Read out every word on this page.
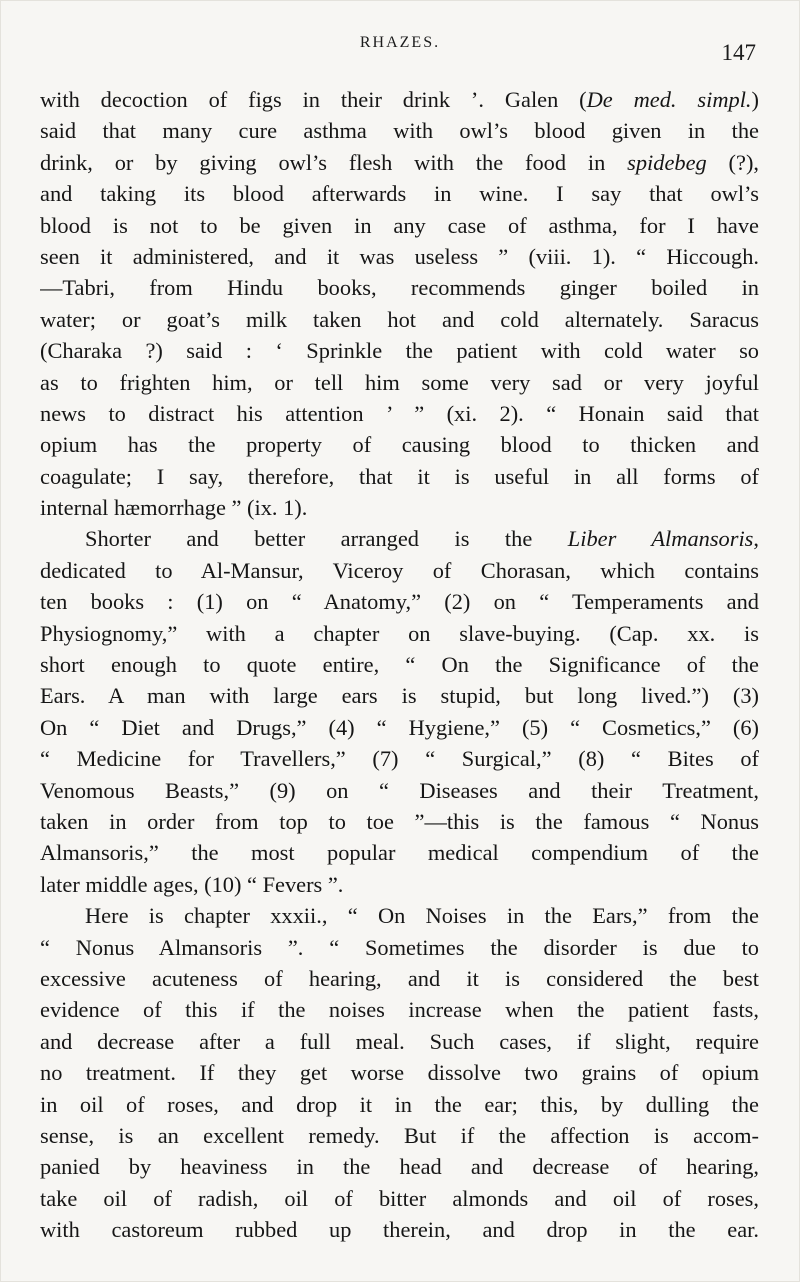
RHAZES.	147
with decoction of figs in their drink ’. Galen (De med. simpl.)
said that many cure asthma with owl’s blood given in the
drink, or by giving owl’s flesh with the food in spidebeg (?),
and taking its blood afterwards in wine. I say that owl’s
blood is not to be given in any case of asthma, for I have
seen it administered, and it was useless ” (viii. 1). “ Hiccough.
—Tabri, from Hindu books, recommends ginger boiled in
water; or goat’s milk taken hot and cold alternately. Saracus
(Charaka ?) said : ‘ Sprinkle the patient with cold water so
as to frighten him, or tell him some very sad or very joyful
news to distract his attention ’ ” (xi. 2). “ Honain said that
opium has the property of causing blood to thicken and
coagulate; I say, therefore, that it is useful in all forms of
internal hæmorrhage ” (ix. 1).
Shorter and better arranged is the Liber Almansoris,
dedicated to Al-Mansur, Viceroy of Chorasan, which contains
ten books : (1) on “ Anatomy,” (2) on “ Temperaments and
Physiognomy,” with a chapter on slave-buying. (Cap. xx. is
short enough to quote entire, “ On the Significance of the
Ears. A man with large ears is stupid, but long lived.”) (3)
On “ Diet and Drugs,” (4) “ Hygiene,” (5) “ Cosmetics,” (6)
“ Medicine for Travellers,” (7) “ Surgical,” (8) “ Bites of
Venomous Beasts,” (9) on “ Diseases and their Treatment,
taken in order from top to toe ”—this is the famous “ Nonus
Almansoris,” the most popular medical compendium of the
later middle ages, (10) “ Fevers ”.
Here is chapter xxxii., “ On Noises in the Ears,” from the
“ Nonus Almansoris ”. “ Sometimes the disorder is due to
excessive acuteness of hearing, and it is considered the best
evidence of this if the noises increase when the patient fasts,
and decrease after a full meal. Such cases, if slight, require
no treatment. If they get worse dissolve two grains of opium
in oil of roses, and drop it in the ear; this, by dulling the
sense, is an excellent remedy. But if the affection is accom-
panied by heaviness in the head and decrease of hearing,
take oil of radish, oil of bitter almonds and oil of roses,
with castoreum rubbed up therein, and drop in the ear.
